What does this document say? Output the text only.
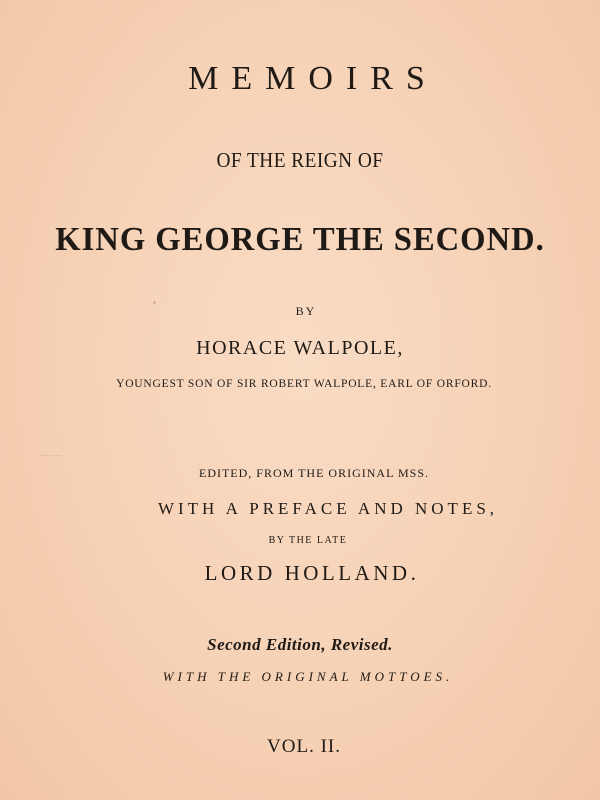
MEMOIRS
OF THE REIGN OF
KING GEORGE THE SECOND.
BY
HORACE WALPOLE,
YOUNGEST SON OF SIR ROBERT WALPOLE, EARL OF ORFORD.
EDITED, FROM THE ORIGINAL MSS.
WITH A PREFACE AND NOTES,
BY THE LATE
LORD HOLLAND.
Second Edition, Revised.
WITH THE ORIGINAL MOTTOES.
VOL. II.
